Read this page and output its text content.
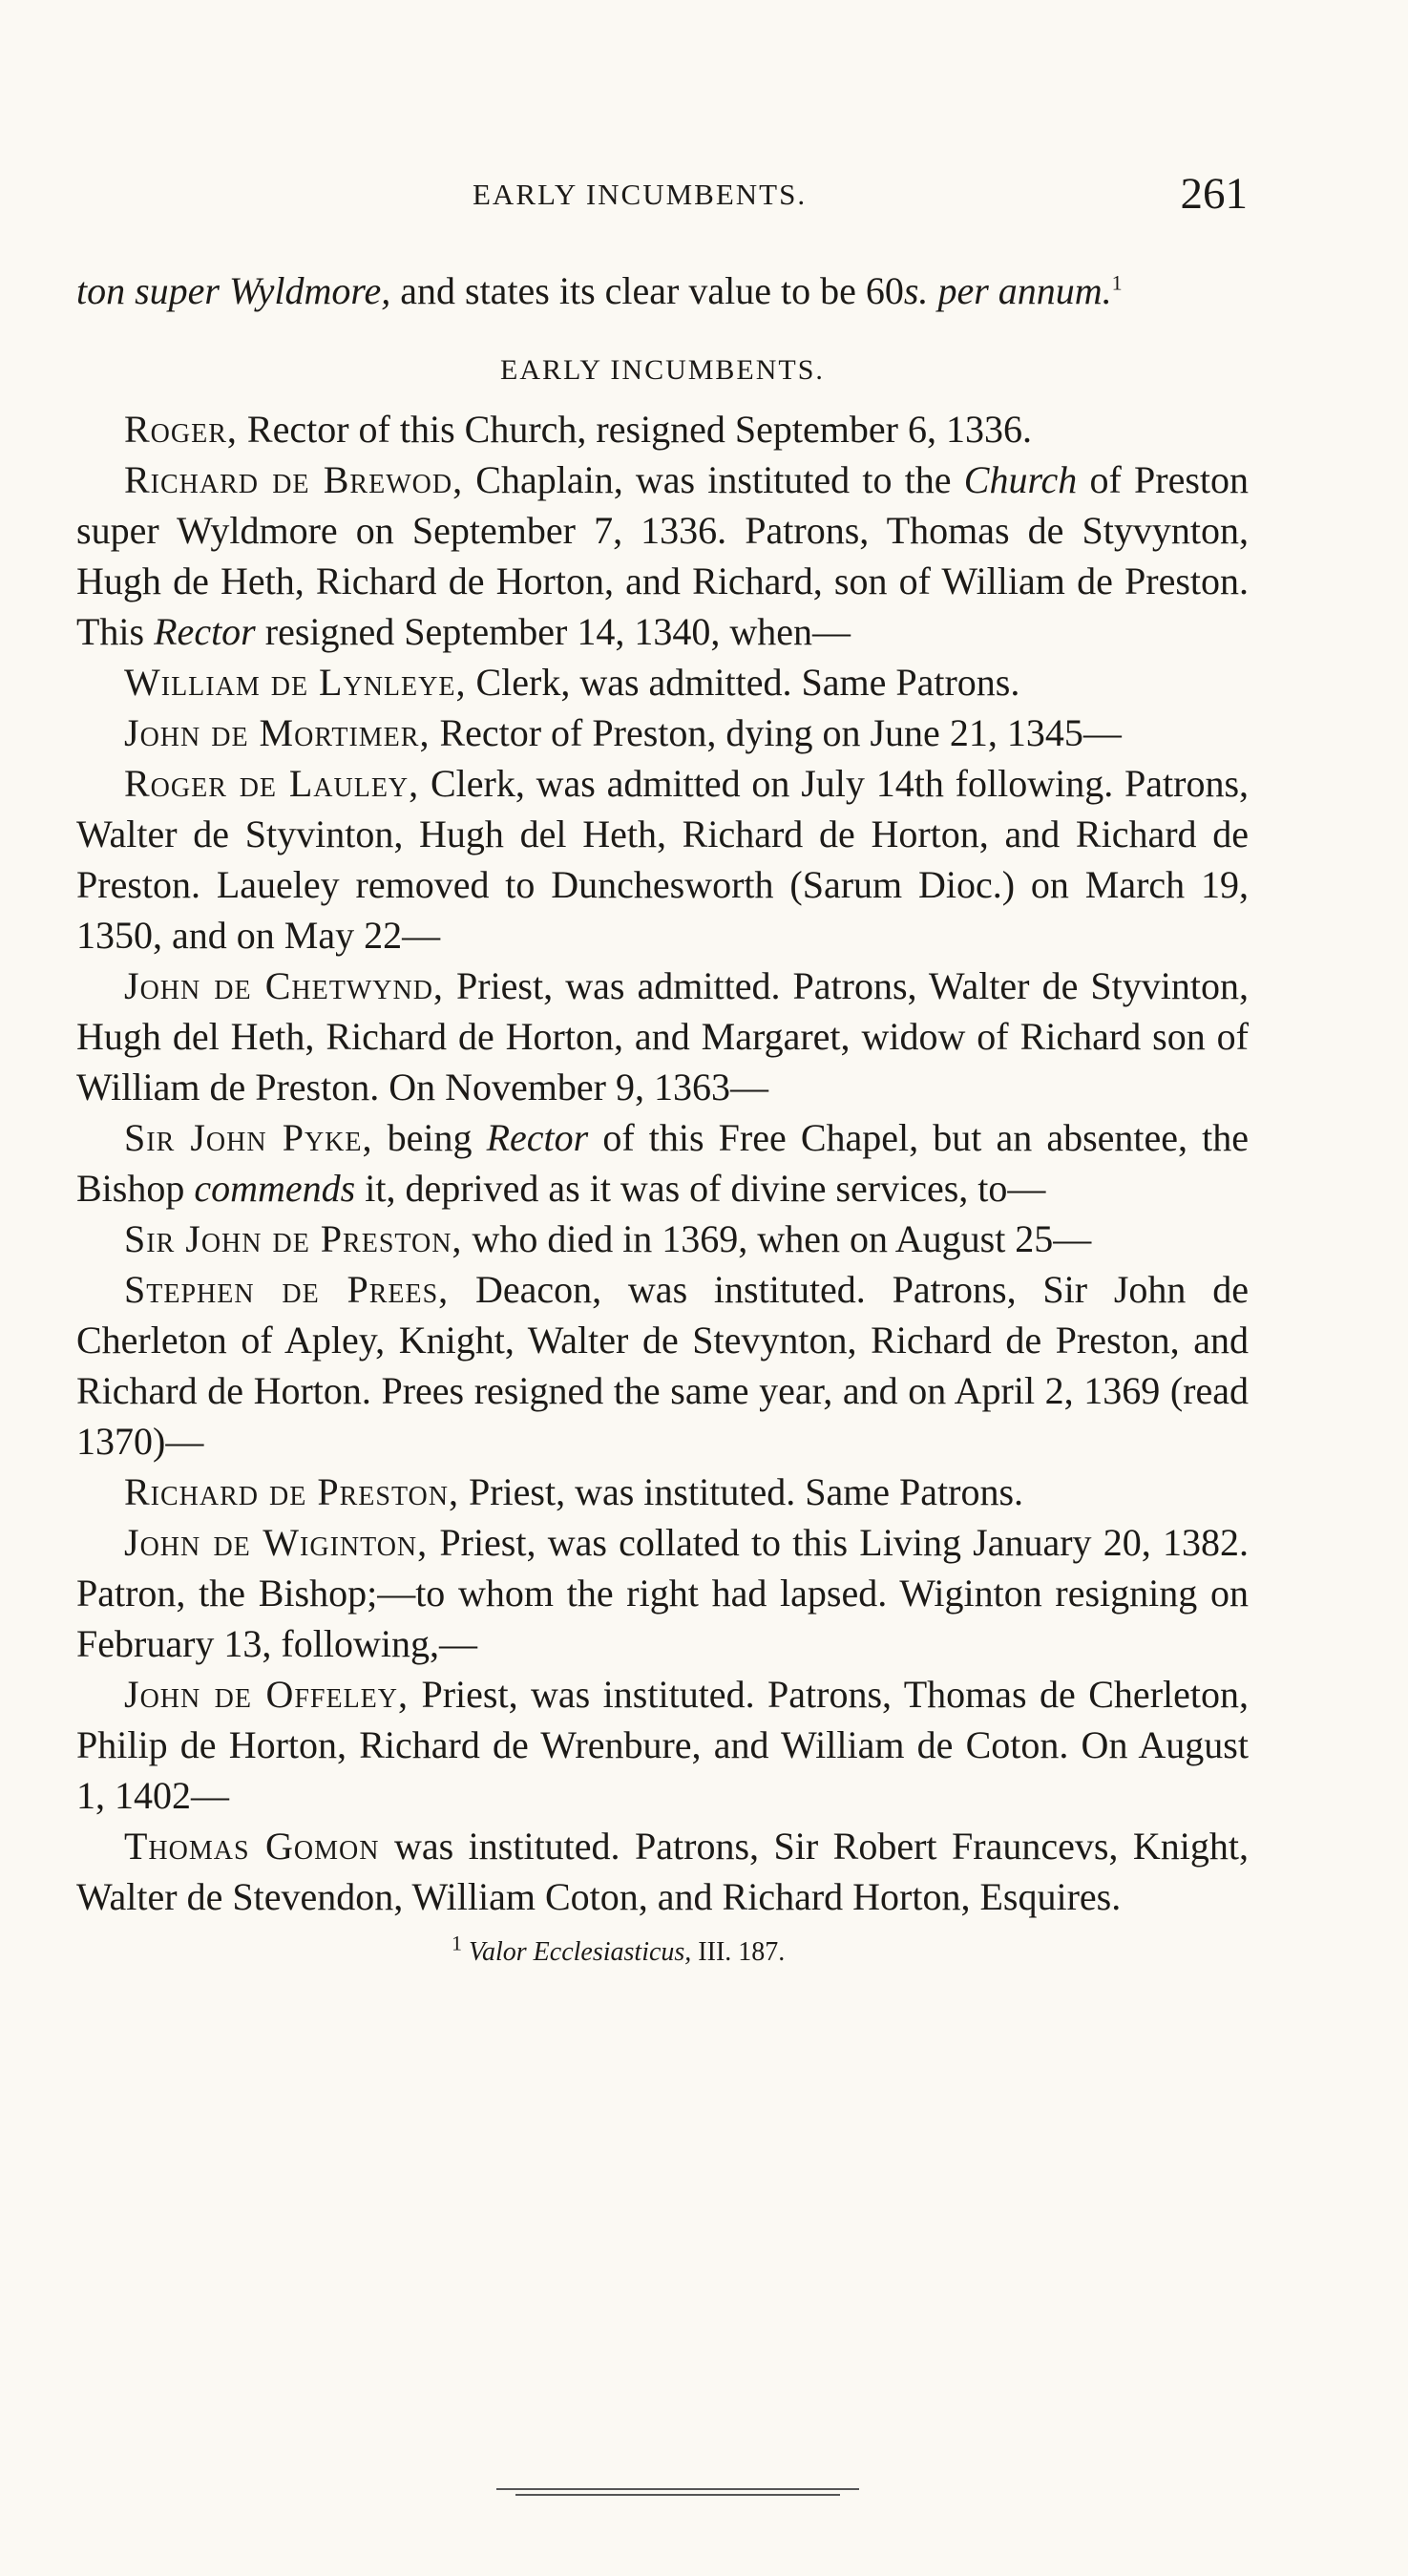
EARLY INCUMBENTS.	261

ton super Wyldmore, and states its clear value to be 60s. per annum.$^1$

EARLY INCUMBENTS.

Roger, Rector of this Church, resigned September 6, 1336.

Richard de Brewod, Chaplain, was instituted to the Church of Preston super Wyldmore on September 7, 1336. Patrons, Thomas de Styvynton, Hugh de Heth, Richard de Horton, and Richard, son of William de Preston. This Rector resigned September 14, 1340, when—

William de Lynleye, Clerk, was admitted. Same Patrons.

John de Mortimer, Rector of Preston, dying on June 21, 1345—

Roger de Lauley, Clerk, was admitted on July 14th following. Patrons, Walter de Styvinton, Hugh del Heth, Richard de Horton, and Richard de Preston. Laueley removed to Dunchesworth (Sarum Dioc.) on March 19, 1350, and on May 22—

John de Chetwynd, Priest, was admitted. Patrons, Walter de Styvinton, Hugh del Heth, Richard de Horton, and Margaret, widow of Richard son of William de Preston. On November 9, 1363—

Sir John Pyke, being Rector of this Free Chapel, but an absentee, the Bishop commends it, deprived as it was of divine services, to—

Sir John de Preston, who died in 1369, when on August 25—

Stephen de Prees, Deacon, was instituted. Patrons, Sir John de Cherleton of Apley, Knight, Walter de Stevynton, Richard de Preston, and Richard de Horton. Prees resigned the same year, and on April 2, 1369 (read 1370)—

Richard de Preston, Priest, was instituted. Same Patrons.

John de Wiginton, Priest, was collated to this Living January 20, 1382. Patron, the Bishop;—to whom the right had lapsed. Wiginton resigning on February 13, following,—

John de Offeley, Priest, was instituted. Patrons, Thomas de Cherleton, Philip de Horton, Richard de Wrenbure, and William de Coton. On August 1, 1402—

Thomas Gomon was instituted. Patrons, Sir Robert Frauncevs, Knight, Walter de Stevendon, William Coton, and Richard Horton, Esquires.

$^1$ Valor Ecclesiasticus, III. 187.
